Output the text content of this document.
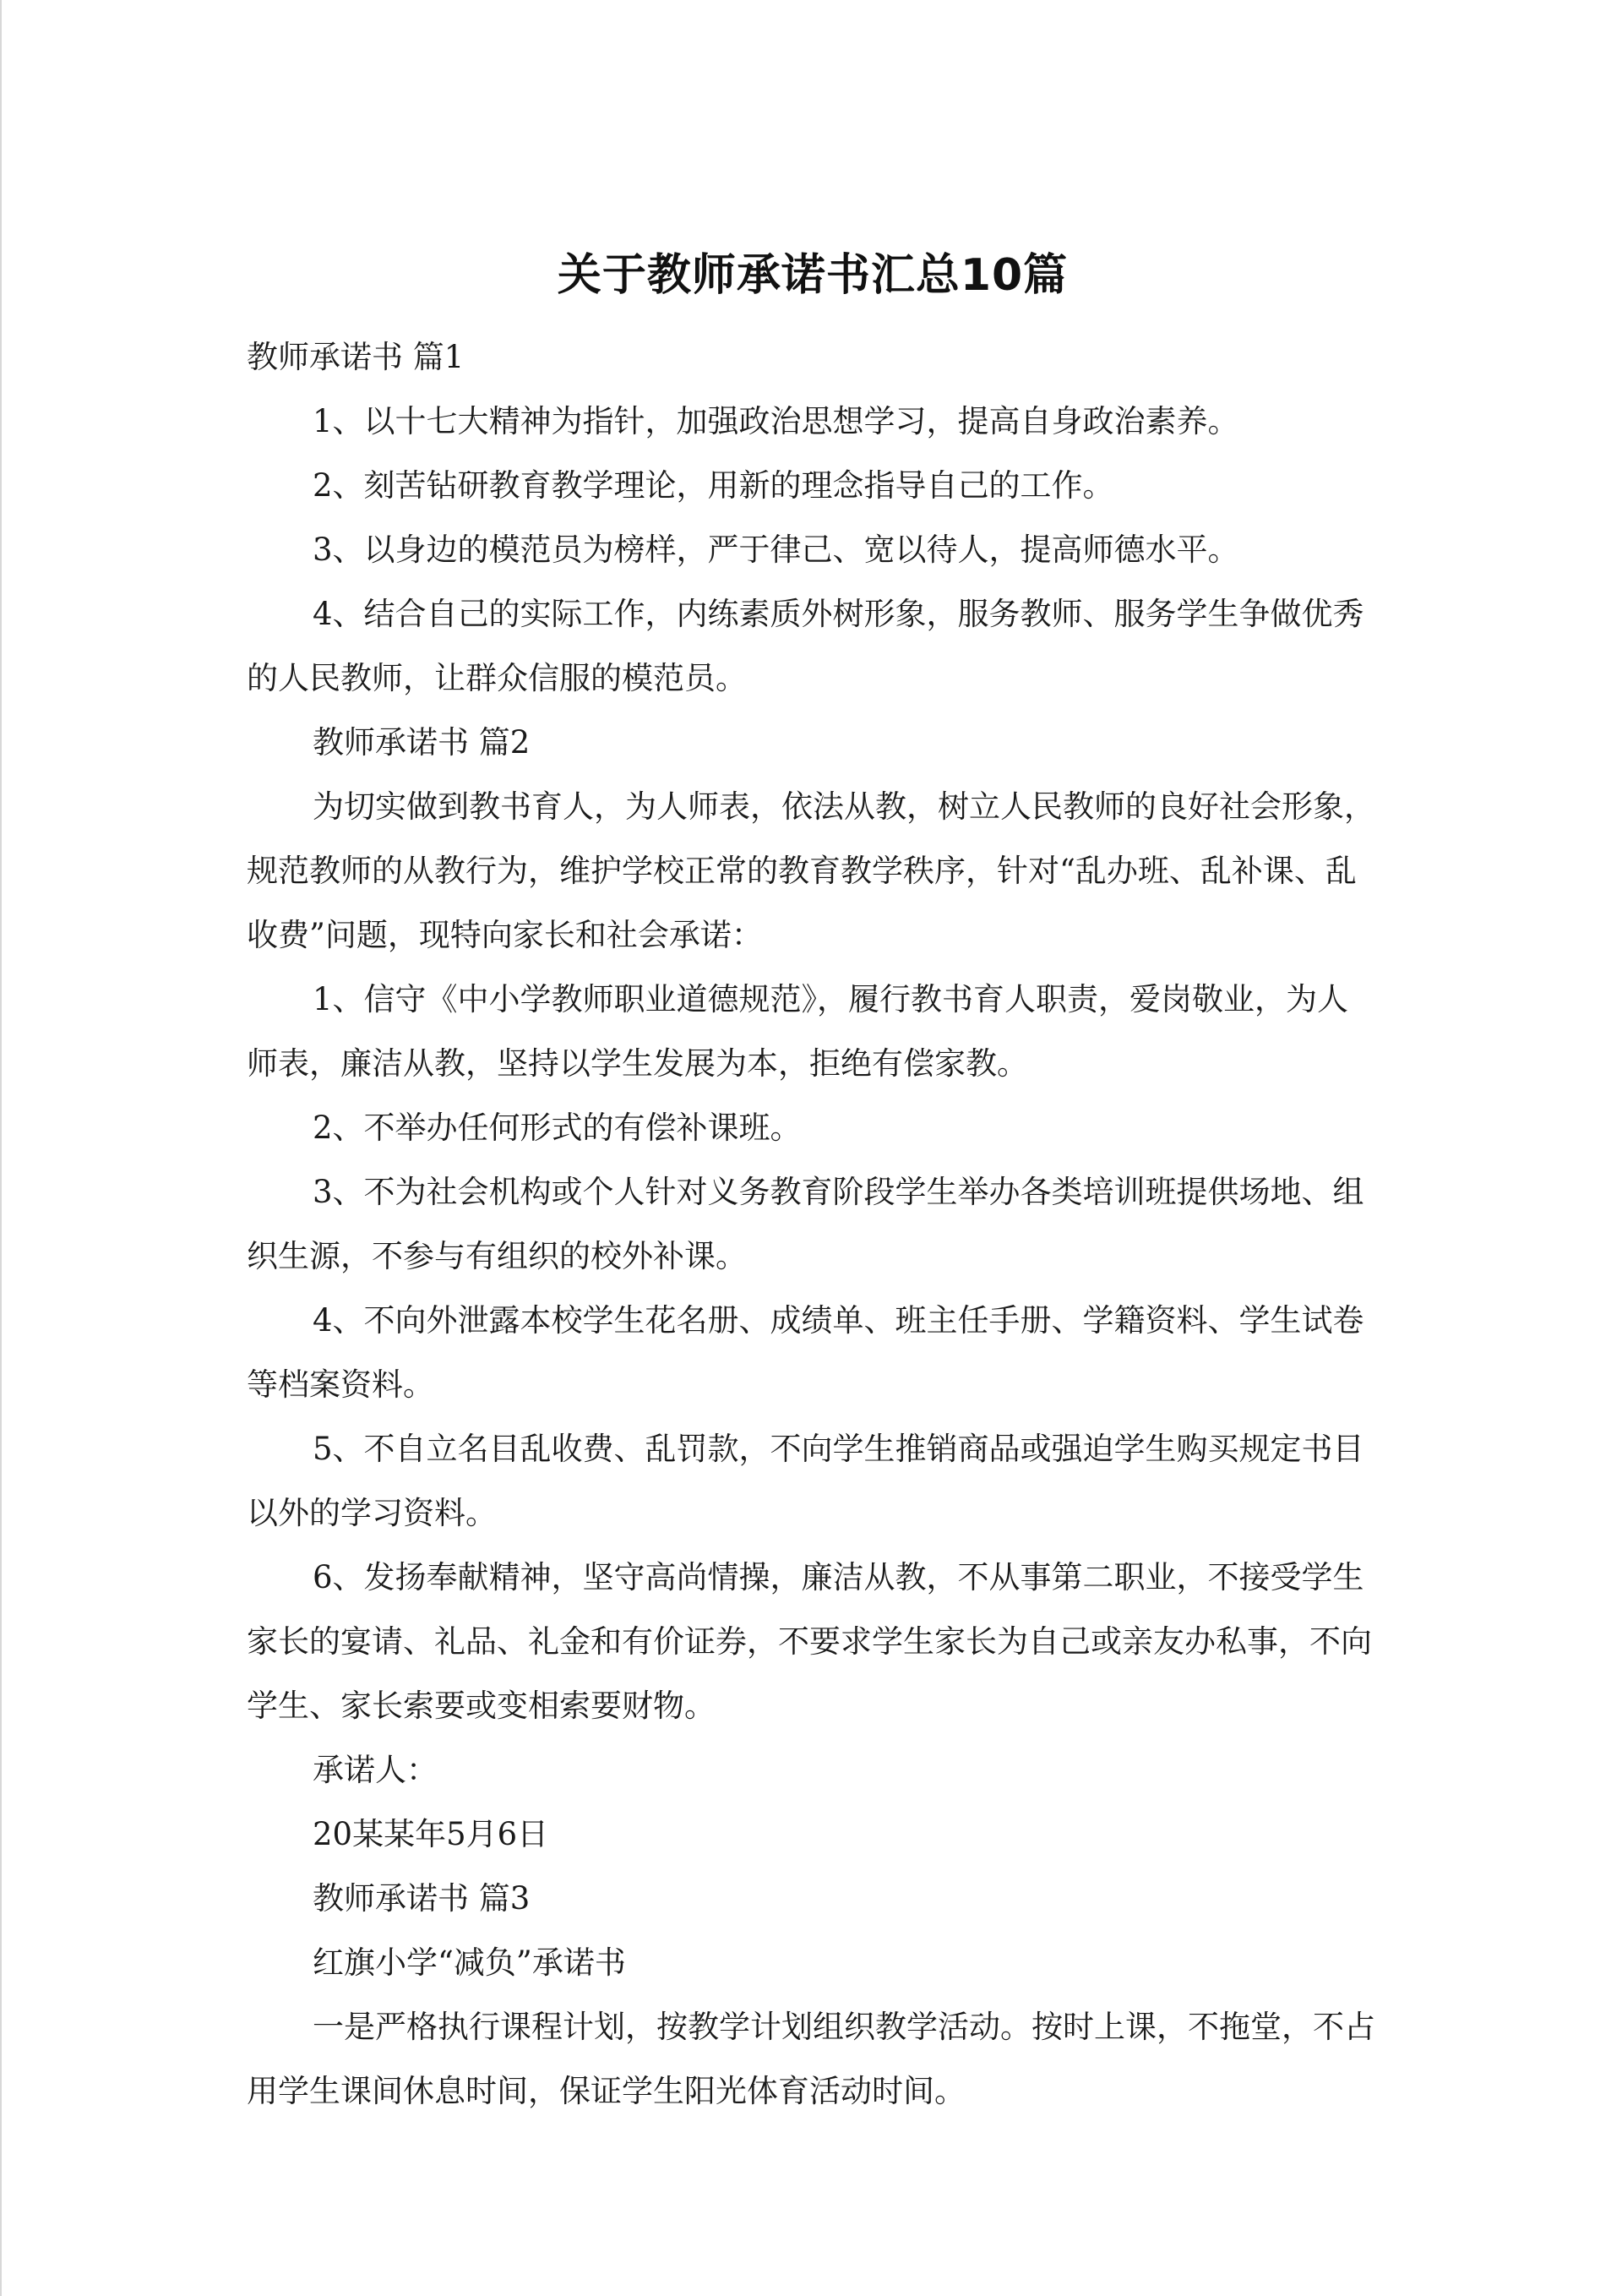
关于教师承诺书汇总10篇

教师承诺书 篇1

1、以十七大精神为指针，加强政治思想学习，提高自身政治素养。

2、刻苦钻研教育教学理论，用新的理念指导自己的工作。

3、以身边的模范员为榜样，严于律己、宽以待人，提高师德水平。

4、结合自己的实际工作，内练素质外树形象，服务教师、服务学生争做优秀的人民教师，让群众信服的模范员。

教师承诺书 篇2

为切实做到教书育人，为人师表，依法从教，树立人民教师的良好社会形象，规范教师的从教行为，维护学校正常的教育教学秩序，针对“乱办班、乱补课、乱收费”问题，现特向家长和社会承诺：

1、信守《中小学教师职业道德规范》，履行教书育人职责，爱岗敬业，为人师表，廉洁从教，坚持以学生发展为本，拒绝有偿家教。

2、不举办任何形式的有偿补课班。

3、不为社会机构或个人针对义务教育阶段学生举办各类培训班提供场地、组织生源，不参与有组织的校外补课。

4、不向外泄露本校学生花名册、成绩单、班主任手册、学籍资料、学生试卷等档案资料。

5、不自立名目乱收费、乱罚款，不向学生推销商品或强迫学生购买规定书目以外的学习资料。

6、发扬奉献精神，坚守高尚情操，廉洁从教，不从事第二职业，不接受学生家长的宴请、礼品、礼金和有价证券，不要求学生家长为自己或亲友办私事，不向学生、家长索要或变相索要财物。

承诺人：

20某某年5月6日

教师承诺书 篇3

红旗小学“减负”承诺书

一是严格执行课程计划，按教学计划组织教学活动。按时上课，不拖堂，不占用学生课间休息时间，保证学生阳光体育活动时间。
